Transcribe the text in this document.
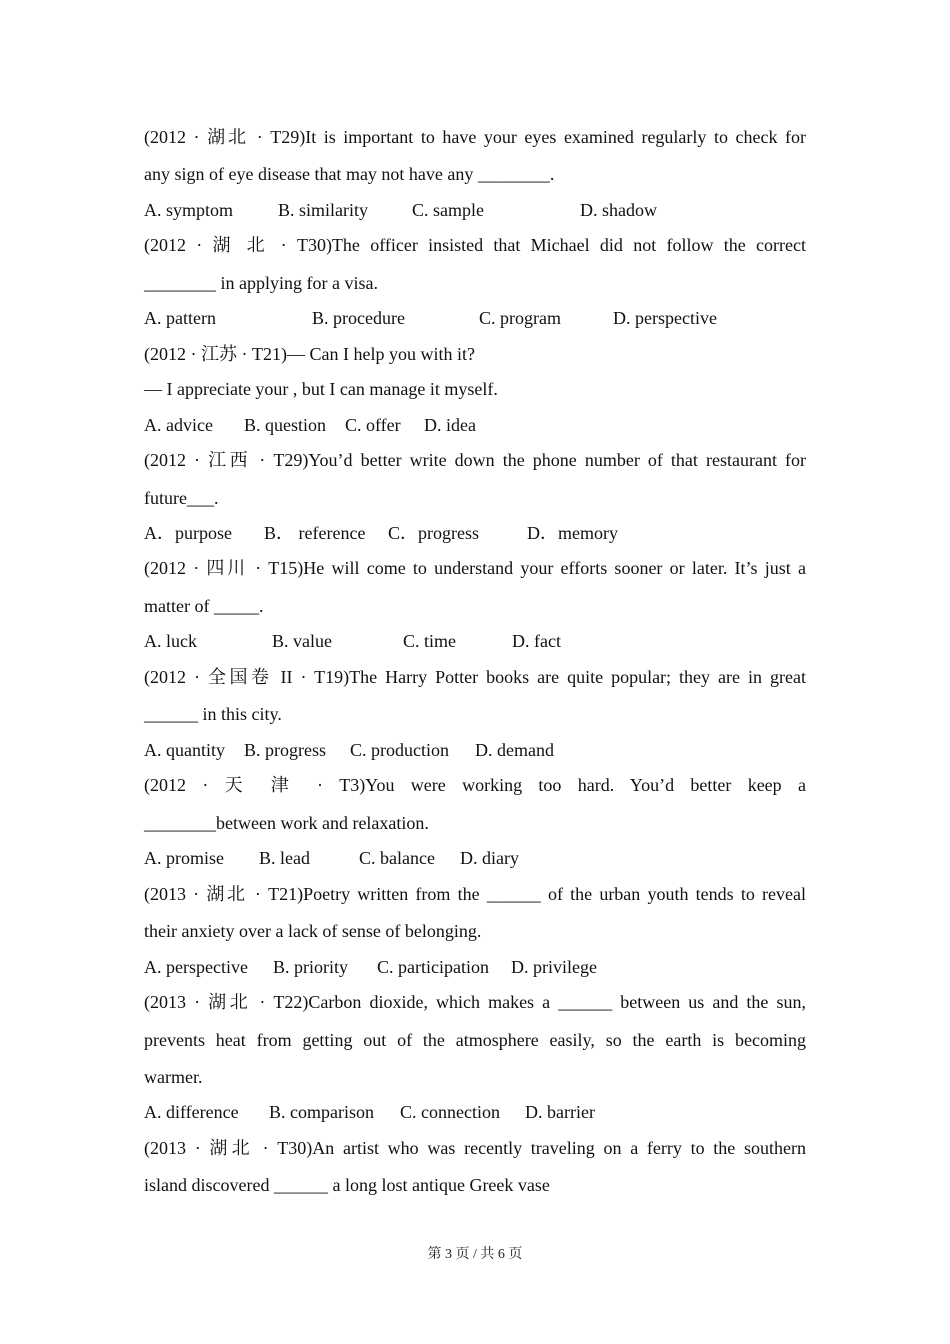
(2012 · 湖北 · T29)It is important to have your eyes examined regularly to check for
any sign of eye disease that may not have any ________.
A. symptom B. similarity C. sample	D. shadow
(2012 · 湖 北 · T30)The officer insisted that Michael did not follow the correct
________ in applying for a visa.
A. pattern	B. procedure	C. program	D. perspective
(2012 · 江苏 · T21)— Can I help you with it?
— I appreciate your , but I can manage it myself.
A. advice B. question C. offer D. idea
(2012 · 江西 · T29)You’d better write down the phone number of that restaurant for
future___.
A．purpose B． reference C．progress	D．memory
(2012 · 四川 · T15)He will come to understand your efforts sooner or later. It’s just a
matter of _____.
A. luck	B. value	C. time	D. fact
(2012 · 全国卷 II · T19)The Harry Potter books are quite popular; they are in great
______ in this city.
A. quantity B. progress C. production D. demand
(2012 · 天 津 · T3)You were working too hard. You’d better keep a
________between work and relaxation.
A. promise B. lead	C. balance D. diary
(2013 · 湖北 · T21)Poetry written from the ______ of the urban youth tends to reveal
their anxiety over a lack of sense of belonging.
A. perspective B. priority C. participation D. privilege
(2013 · 湖北 · T22)Carbon dioxide, which makes a ______ between us and the sun,
prevents heat from getting out of the atmosphere easily, so the earth is becoming
warmer.
A. difference B. comparison C. connection D. barrier
(2013 · 湖北 · T30)An artist who was recently traveling on a ferry to the southern
island discovered ______ a long lost antique Greek vase
第 3 页 / 共 6 页
